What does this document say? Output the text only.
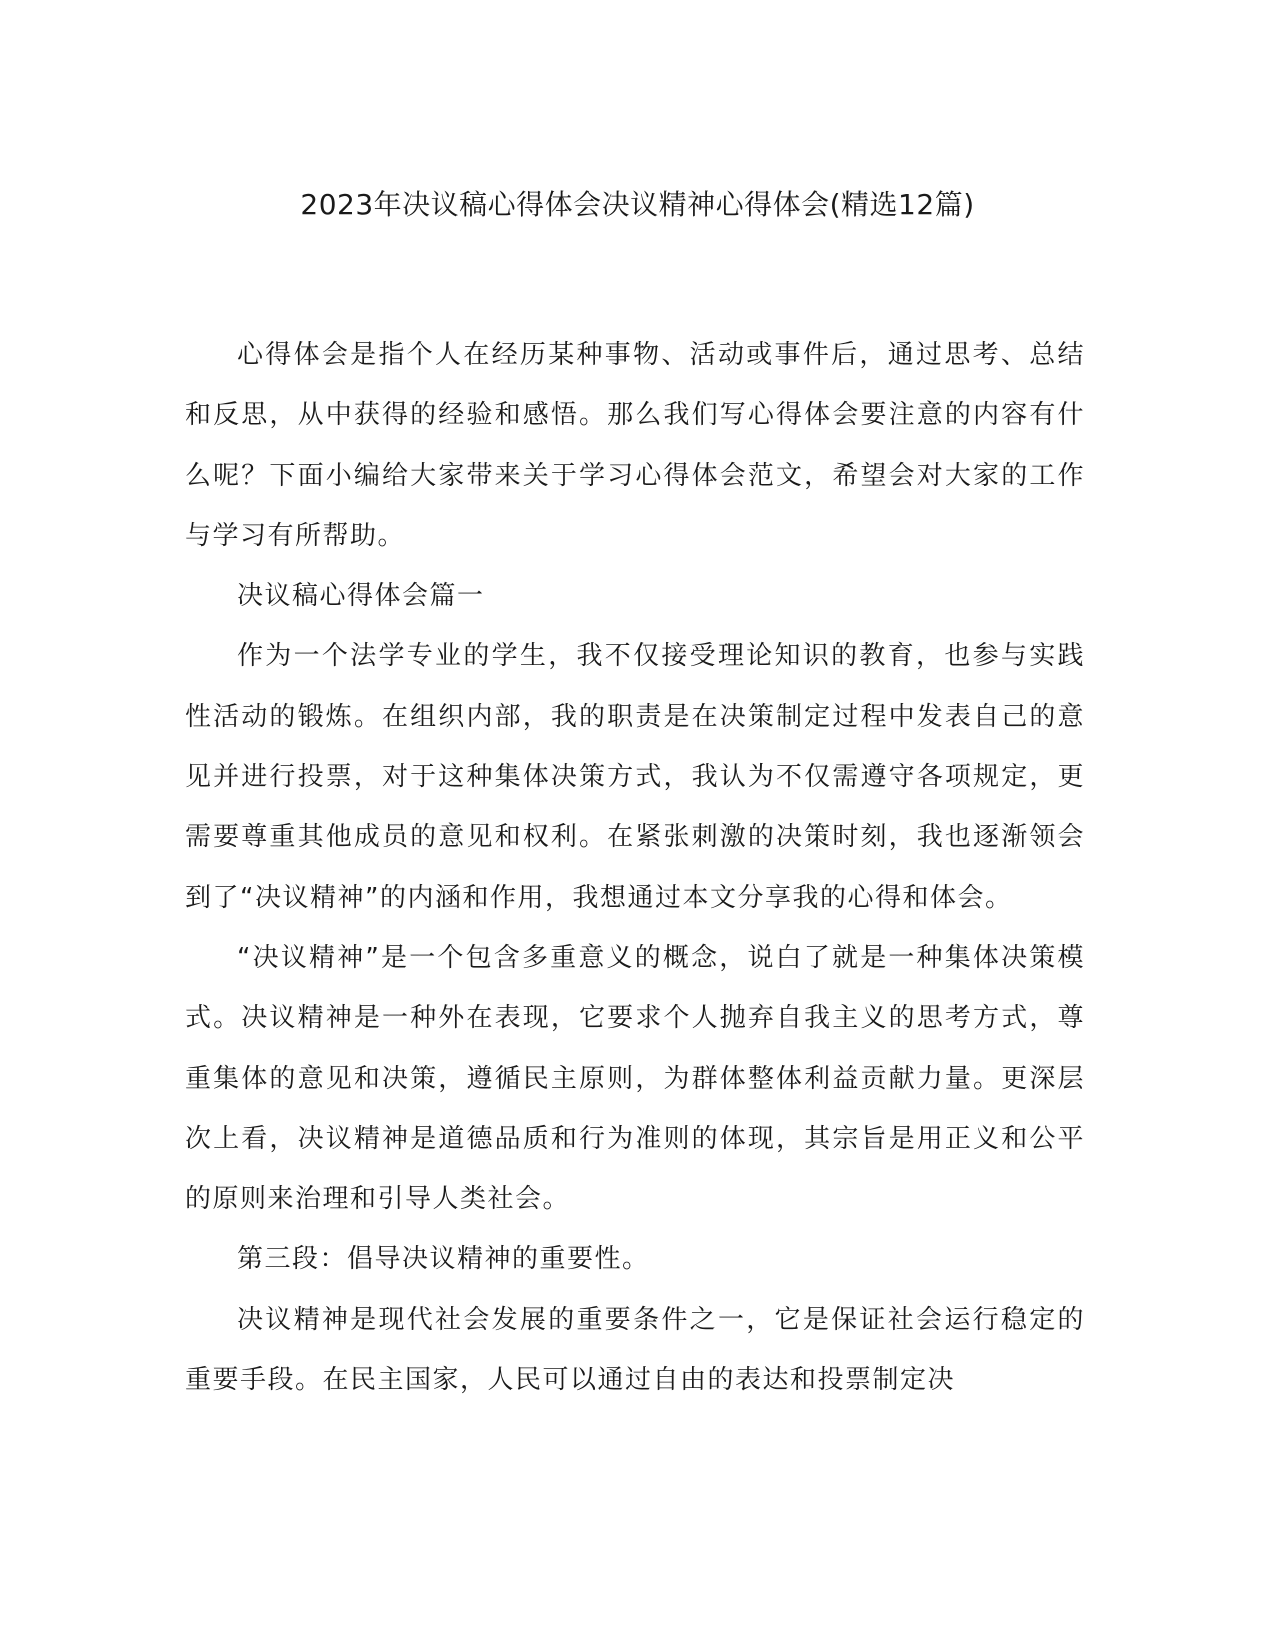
2023年决议稿心得体会决议精神心得体会(精选12篇)

心得体会是指个人在经历某种事物、活动或事件后，通过思考、总结和反思，从中获得的经验和感悟。那么我们写心得体会要注意的内容有什么呢？下面小编给大家带来关于学习心得体会范文，希望会对大家的工作与学习有所帮助。

决议稿心得体会篇一

作为一个法学专业的学生，我不仅接受理论知识的教育，也参与实践性活动的锻炼。在组织内部，我的职责是在决策制定过程中发表自己的意见并进行投票，对于这种集体决策方式，我认为不仅需遵守各项规定，更需要尊重其他成员的意见和权利。在紧张刺激的决策时刻，我也逐渐领会到了“决议精神”的内涵和作用，我想通过本文分享我的心得和体会。

“决议精神”是一个包含多重意义的概念，说白了就是一种集体决策模式。决议精神是一种外在表现，它要求个人抛弃自我主义的思考方式，尊重集体的意见和决策，遵循民主原则，为群体整体利益贡献力量。更深层次上看，决议精神是道德品质和行为准则的体现，其宗旨是用正义和公平的原则来治理和引导人类社会。

第三段：倡导决议精神的重要性。

决议精神是现代社会发展的重要条件之一，它是保证社会运行稳定的重要手段。在民主国家，人民可以通过自由的表达和投票制定决
